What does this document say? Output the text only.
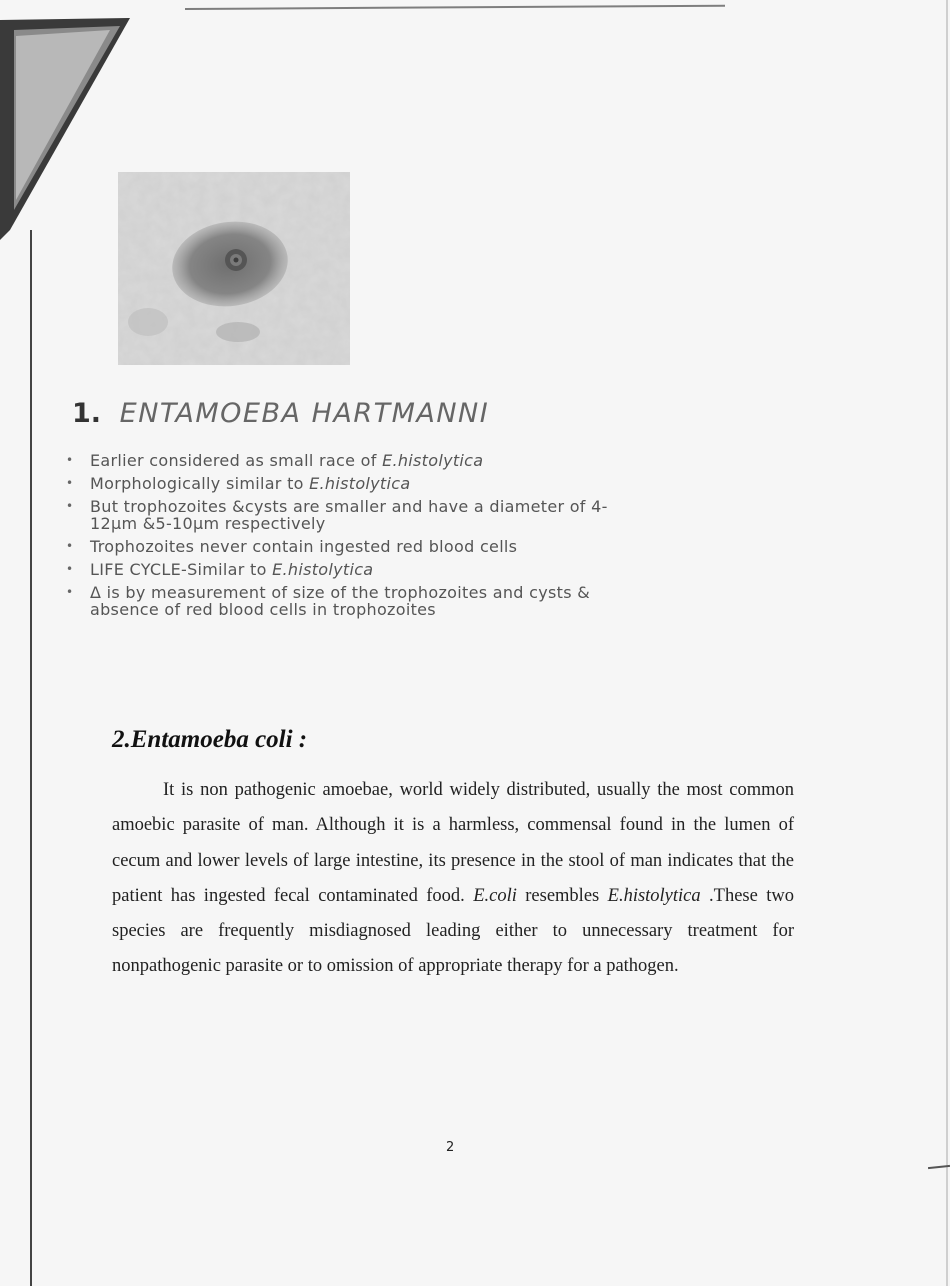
1. ENTAMOEBA HARTMANNI
• Earlier considered as small race of E.histolytica
• Morphologically similar to E.histolytica
• But trophozoites &cysts are smaller and have a diameter of 4-12µm &5-10µm respectively
• Trophozoites never contain ingested red blood cells
• LIFE CYCLE-Similar to E.histolytica
• Δ is by measurement of size of the trophozoites and cysts & absence of red blood cells in trophozoites
2.Entamoeba coli :

It is non pathogenic amoebae, world widely distributed, usually the most common amoebic parasite of man. Although it is a harmless, commensal found in the lumen of cecum and lower levels of large intestine, its presence in the stool of man indicates that the patient has ingested fecal contaminated food. E.coli resembles E.histolytica .These two species are frequently misdiagnosed leading either to unnecessary treatment for nonpathogenic parasite or to omission of appropriate therapy for a pathogen.

2
